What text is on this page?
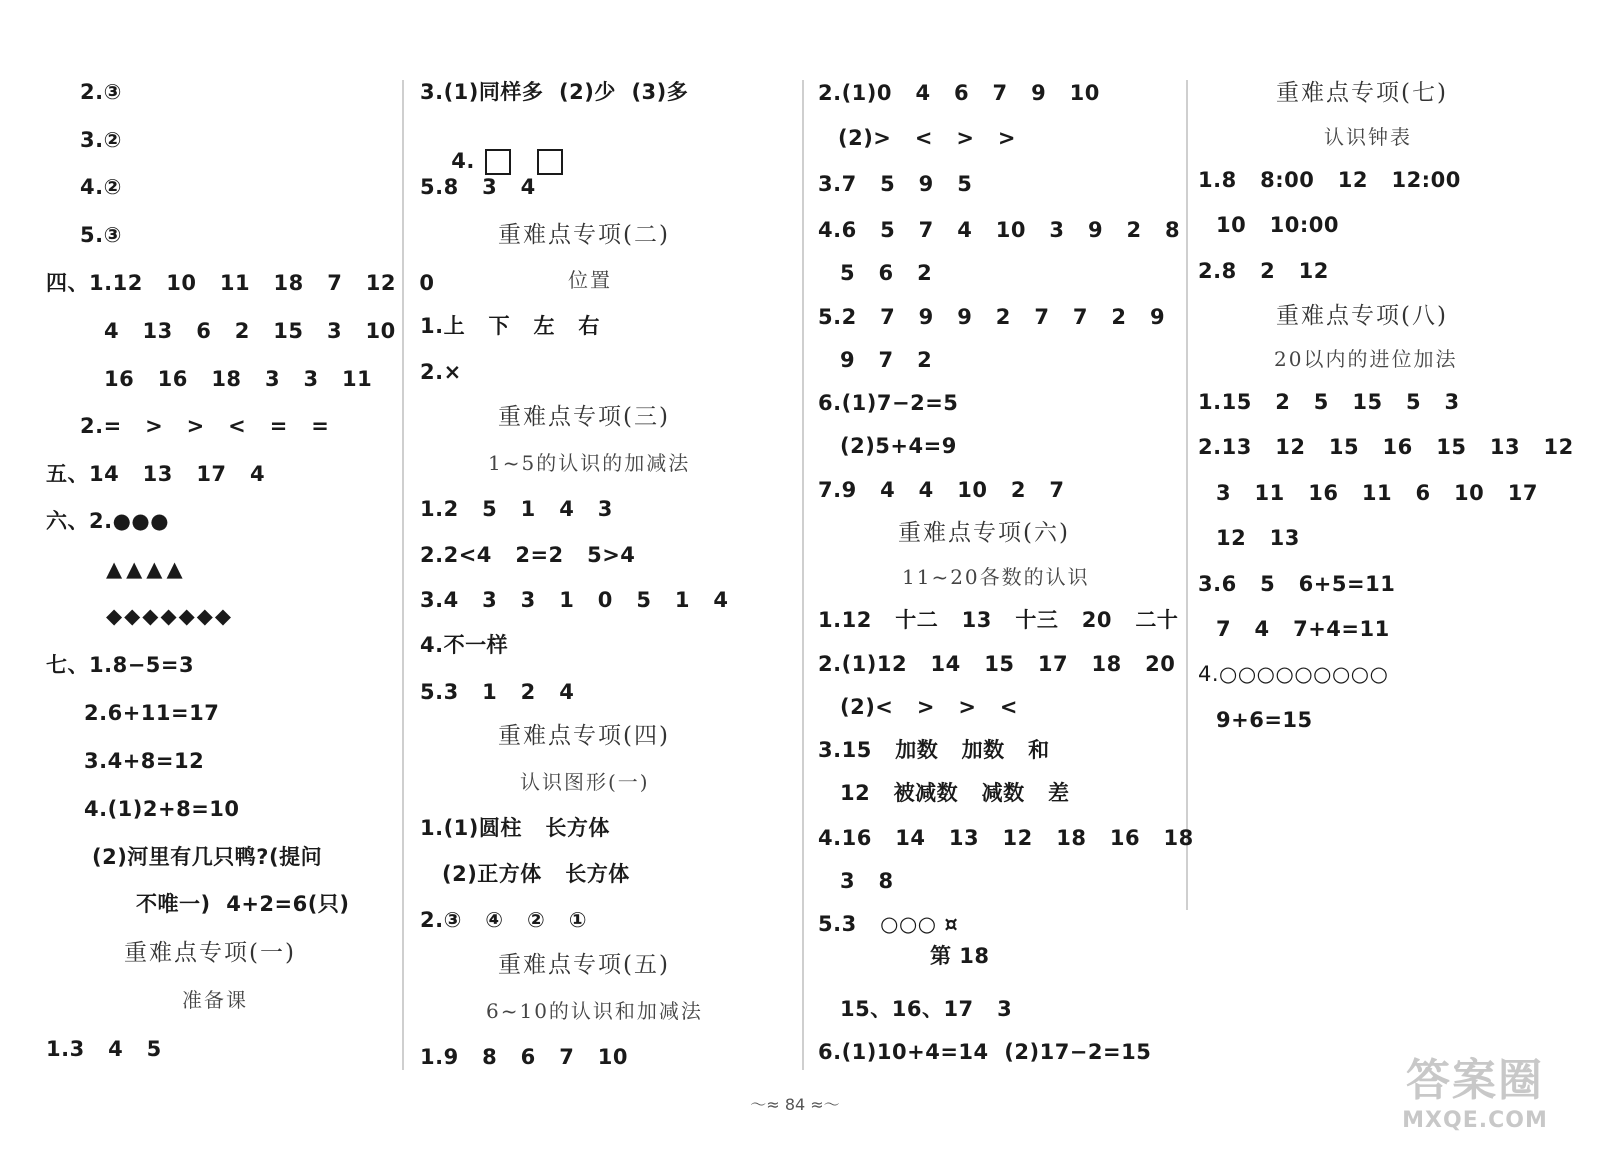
2.③
3.②
4.②
5.③
四、1.12   10   11   18   7   12   0
4   13   6   2   15   3   10
16   16   18   3   3   11
2.=   >   >   <   =   =
五、14   13   17   4
六、2.●●●
▲▲▲▲
◆◆◆◆◆◆◆
七、1.8−5=3
2.6+11=17
3.4+8=12
4.(1)2+8=10
(2)河里有几只鸭?(提问
不唯一)  4+2=6(只)
重难点专项(一)
准备课
1.3   4   5
3.(1)同样多  (2)少  (3)多

4.

5.8   3   4
重难点专项(二)
位置
1.上   下   左   右
2.×
重难点专项(三)
1~5的认识的加减法
1.2   5   1   4   3
2.2<4   2=2   5>4
3.4   3   3   1   0   5   1   4
4.不一样
5.3   1   2   4
重难点专项(四)
认识图形(一)
1.(1)圆柱   长方体
(2)正方体   长方体
2.③   ④   ②   ①
重难点专项(五)
6~10的认识和加减法
1.9   8   6   7   10
2.(1)0   4   6   7   9   10
(2)>   <   >   >
3.7   5   9   5
4.6   5   7   4   10   3   9   2   8
5   6   2
5.2   7   9   9   2   7   7   2   9
9   7   2
6.(1)7−2=5
(2)5+4=9
7.9   4   4   10   2   7
重难点专项(六)
11~20各数的认识
1.12   十二   13   十三   20   二十
2.(1)12   14   15   17   18   20
(2)<   >   >   <
3.15   加数   加数   和
12   被减数   减数   差
4.16   14   13   12   18   16   18
3   8
5.3   ○○○ ¤
第 18
15、16、17   3
6.(1)10+4=14  (2)17−2=15
重难点专项(七)
认识钟表
1.8   8:00   12   12:00
10   10:00
2.8   2   12
重难点专项(八)
20以内的进位加法
1.15   2   5   15   5   3
2.13   12   15   16   15   13   12
3   11   16   11   6   10   17
12   13
3.6   5   6+5=11
7   4   7+4=11
4.○○○○○○○○○
9+6=15
～≈ 84 ≈～	答案圈
MXQE.COM
